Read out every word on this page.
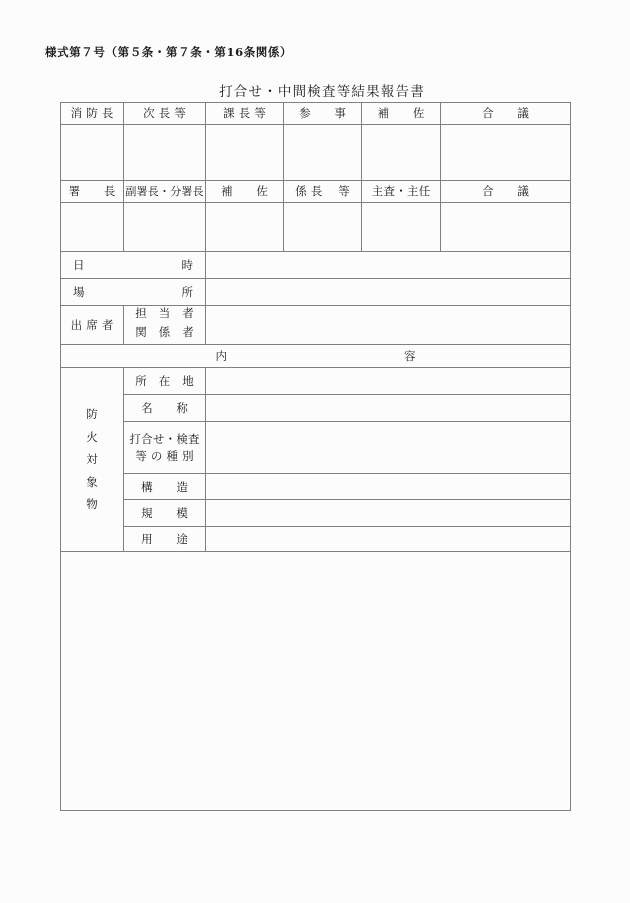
様式第７号（第５条・第７条・第16条関係）
打合せ・中間検査等結果報告書
消 防 長	次 長 等	課 長 等	参　　事	補　　佐	合　　議

署　　長	副署長・分署長	補　　佐	係 長　 等	主査・主任	合　　議

日 時					

場 所					

出 席 者	担　当　者				
	関　係　者				
内　容					

防
火
対
象
物	所　在　地				
	名　　称				

	打合せ・検査
等 の 種 別				

	構　　造				
	規　　模				
	用　　途				
